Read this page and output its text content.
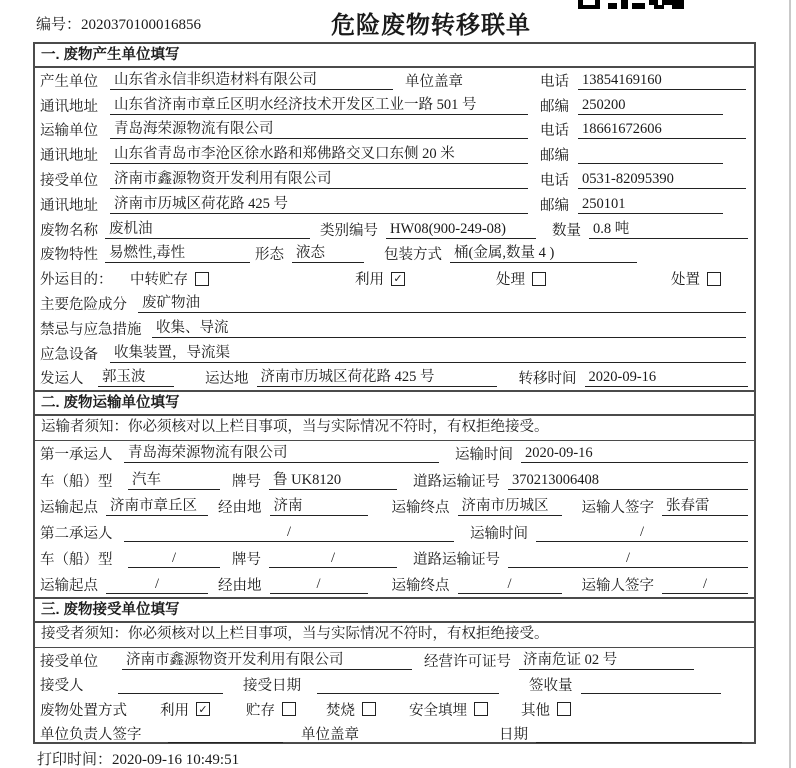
编号：2020370100016856	危险废物转移联单
一. 废物产生单位填写
产生单位 山东省永信非织造材料有限公司	单位盖章	电话 13854169160
通讯地址 山东省济南市章丘区明水经济技术开发区工业一路 501 号	邮编 250200
运输单位 青岛海荣源物流有限公司	电话 18661672606
通讯地址 山东省青岛市李沧区徐水路和郑佛路交叉口东侧 20 米	邮编
接受单位 济南市鑫源物资开发利用有限公司	电话 0531-82095390
通讯地址 济南市历城区荷花路 425 号	邮编 250101
废物名称 废机油	类别编号 HW08(900-249-08)	数量 0.8 吨
废物特性 易燃性,毒性	形态 液态	包装方式 桶(金属,数量 4 )
外运目的：	中转贮存	利用 ✓	处理	处置
主要危险成分 废矿物油
禁忌与应急措施 收集、导流
应急设备 收集装置，导流渠
发运人	郭玉波	运达地 济南市历城区荷花路 425 号	转移时间 2020-09-16
二. 废物运输单位填写
运输者须知：你必须核对以上栏目事项，当与实际情况不符时，有权拒绝接受。
第一承运人 青岛海荣源物流有限公司	运输时间 2020-09-16
车（船）型	汽车	牌号 鲁 UK8120	道路运输证号 370213006408
运输起点 济南市章丘区	经由地 济南	运输终点 济南市历城区	运输人签字 张春雷
第二承运人	/	运输时间	/
车（船）型	/	牌号	/	道路运输证号	/
运输起点	/	经由地	/	运输终点	/	运输人签字	/
三. 废物接受单位填写
接受者须知：你必须核对以上栏目事项，当与实际情况不符时，有权拒绝接受。
接受单位 济南市鑫源物资开发利用有限公司	经营许可证号 济南危证 02 号
接受人	接受日期	签收量
废物处置方式	利用 ✓	贮存	焚烧	安全填埋	其他
单位负责人签字	单位盖章	日期
打印时间：2020-09-16 10:49:51
